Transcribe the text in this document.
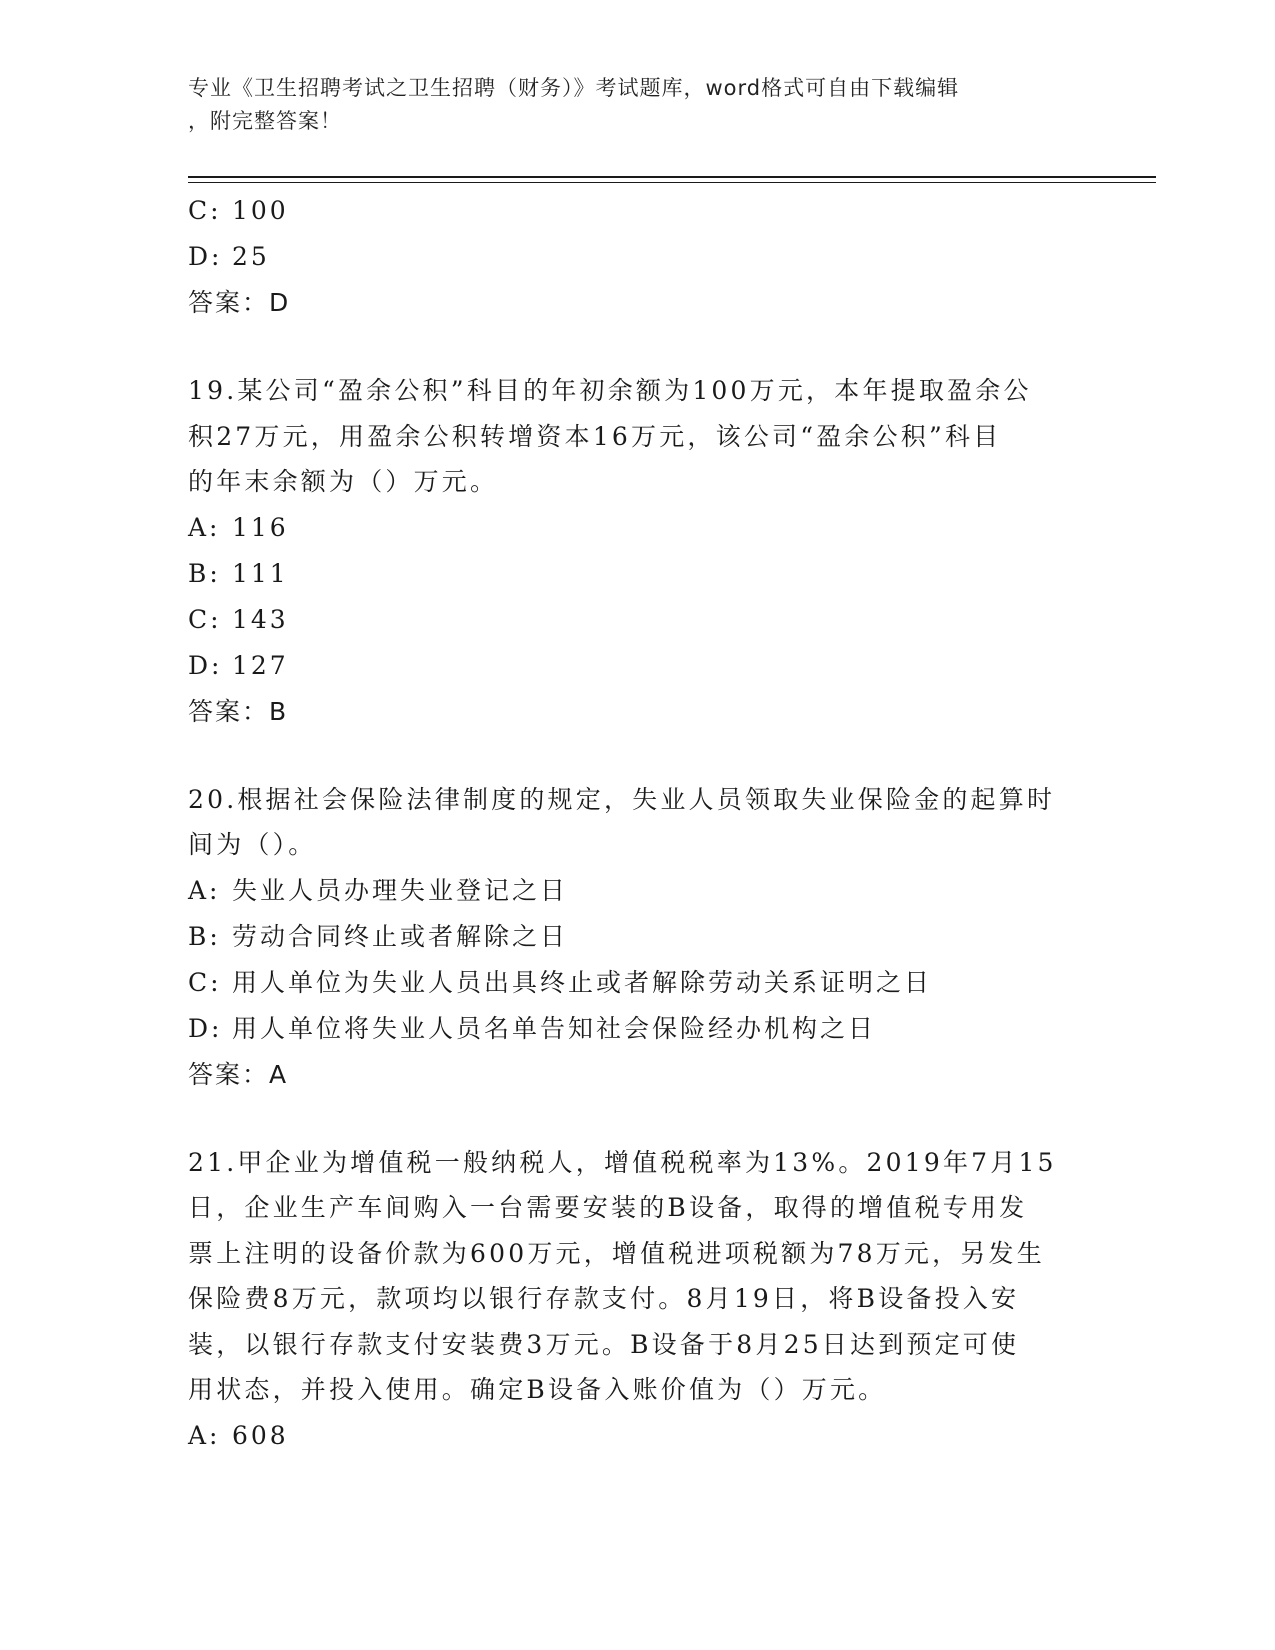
专业《卫生招聘考试之卫生招聘（财务）》考试题库，word格式可自由下载编辑
，附完整答案！
C: 100
D: 25
答案：D
19.某公司“盈余公积”科目的年初余额为100万元，本年提取盈余公
积27万元，用盈余公积转增资本16万元，该公司“盈余公积”科目
的年末余额为（）万元。
A: 116
B: 111
C: 143
D: 127
答案：B
20.根据社会保险法律制度的规定，失业人员领取失业保险金的起算时
间为（）。
A: 失业人员办理失业登记之日
B: 劳动合同终止或者解除之日
C: 用人单位为失业人员出具终止或者解除劳动关系证明之日
D: 用人单位将失业人员名单告知社会保险经办机构之日
答案：A
21.甲企业为增值税一般纳税人，增值税税率为13%。2019年7月15
日，企业生产车间购入一台需要安装的B设备，取得的增值税专用发
票上注明的设备价款为600万元，增值税进项税额为78万元，另发生
保险费8万元，款项均以银行存款支付。8月19日，将B设备投入安
装，以银行存款支付安装费3万元。B设备于8月25日达到预定可使
用状态，并投入使用。确定B设备入账价值为（）万元。
A: 608
